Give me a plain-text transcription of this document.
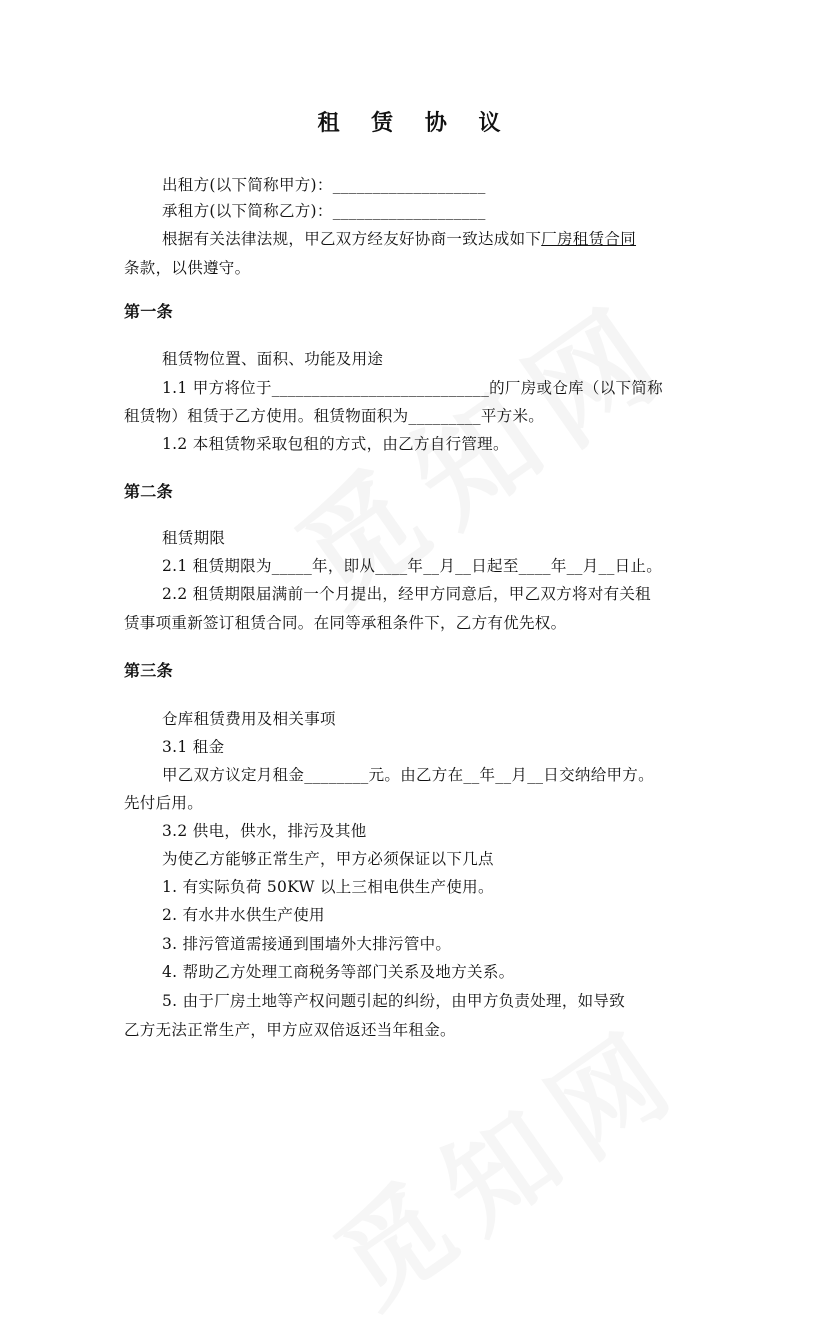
租 赁 协 议
出租方(以下简称甲方)：___________________
承租方(以下简称乙方)：___________________
根据有关法律法规，甲乙双方经友好协商一致达成如下厂房租赁合同
条款，以供遵守。
第一条
租赁物位置、面积、功能及用途
1.1 甲方将位于___________________________的厂房或仓库（以下简称
租赁物）租赁于乙方使用。租赁物面积为_________平方米。
1.2 本租赁物采取包租的方式，由乙方自行管理。
第二条
租赁期限
2.1 租赁期限为_____年，即从____年__月__日起至____年__月__日止。
2.2 租赁期限届满前一个月提出，经甲方同意后，甲乙双方将对有关租
赁事项重新签订租赁合同。在同等承租条件下，乙方有优先权。
第三条
仓库租赁费用及相关事项
3.1 租金
甲乙双方议定月租金________元。由乙方在__年__月__日交纳给甲方。
先付后用。
3.2 供电，供水，排污及其他
为使乙方能够正常生产，甲方必须保证以下几点
1. 有实际负荷 50KW 以上三相电供生产使用。
2. 有水井水供生产使用
3. 排污管道需接通到围墙外大排污管中。
4. 帮助乙方处理工商税务等部门关系及地方关系。
5. 由于厂房土地等产权问题引起的纠纷，由甲方负责处理，如导致
乙方无法正常生产，甲方应双倍返还当年租金。
